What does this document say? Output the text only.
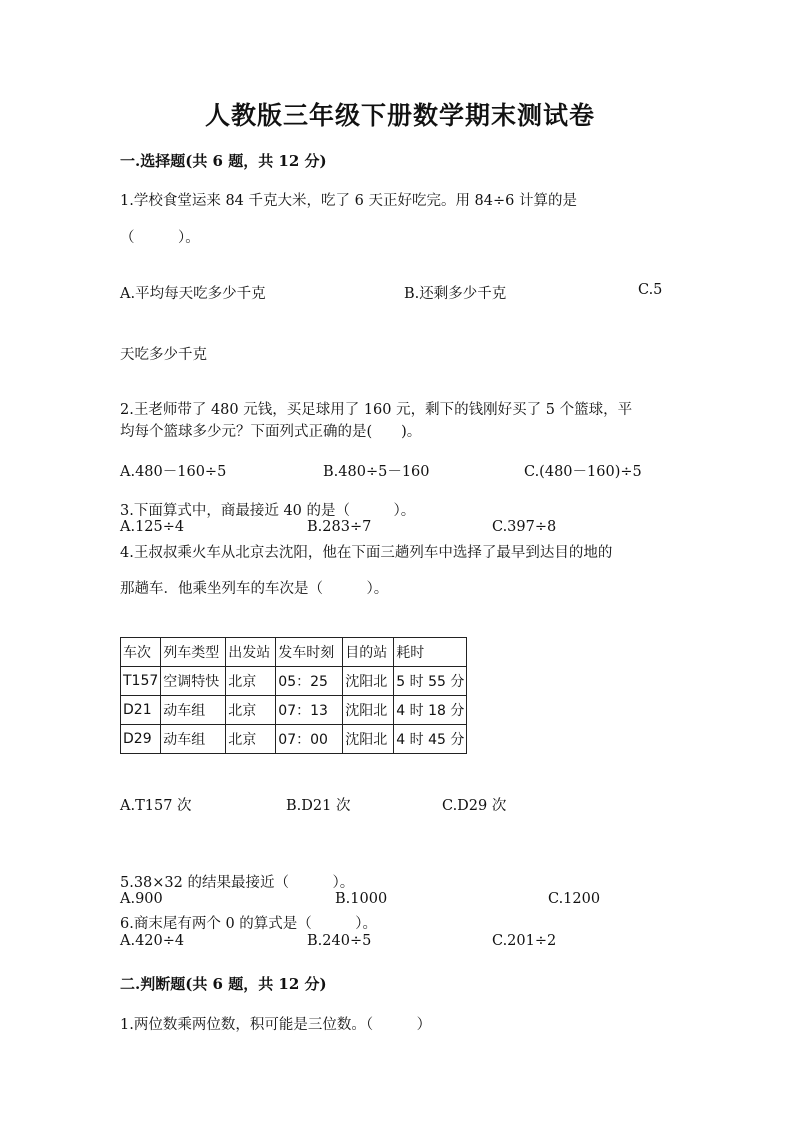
人教版三年级下册数学期末测试卷
一.选择题(共 6 题，共 12 分)
1.学校食堂运来 84 千克大米，吃了 6 天正好吃完。用 84÷6 计算的是
（　　　）。
A.平均每天吃多少千克	B.还剩多少千克	C.5
天吃多少千克
2.王老师带了 480 元钱，买足球用了 160 元，剩下的钱刚好买了 5 个篮球，平
均每个篮球多少元？下面列式正确的是(　　)。
A.480－160÷5	B.480÷5－160	C.(480－160)÷5
3.下面算式中，商最接近 40 的是（　　　）。
A.125÷4	B.283÷7	C.397÷8
4.王叔叔乘火车从北京去沈阳，他在下面三趟列车中选择了最早到达目的地的
那趟车．他乘坐列车的车次是（　　　）。
车次	列车类型	出发站	发车时刻	目的站	耗时
T157	空调特快	北京	05：25	沈阳北	5 时 55 分
D21	动车组	北京	07：13	沈阳北	4 时 18 分
D29	动车组	北京	07：00	沈阳北	4 时 45 分
A.T157 次	B.D21 次	C.D29 次
5.38×32 的结果最接近（　　　）。
A.900	B.1000	C.1200
6.商末尾有两个 0 的算式是（　　　）。
A.420÷4	B.240÷5	C.201÷2
二.判断题(共 6 题，共 12 分)
1.两位数乘两位数，积可能是三位数。（　　　）
